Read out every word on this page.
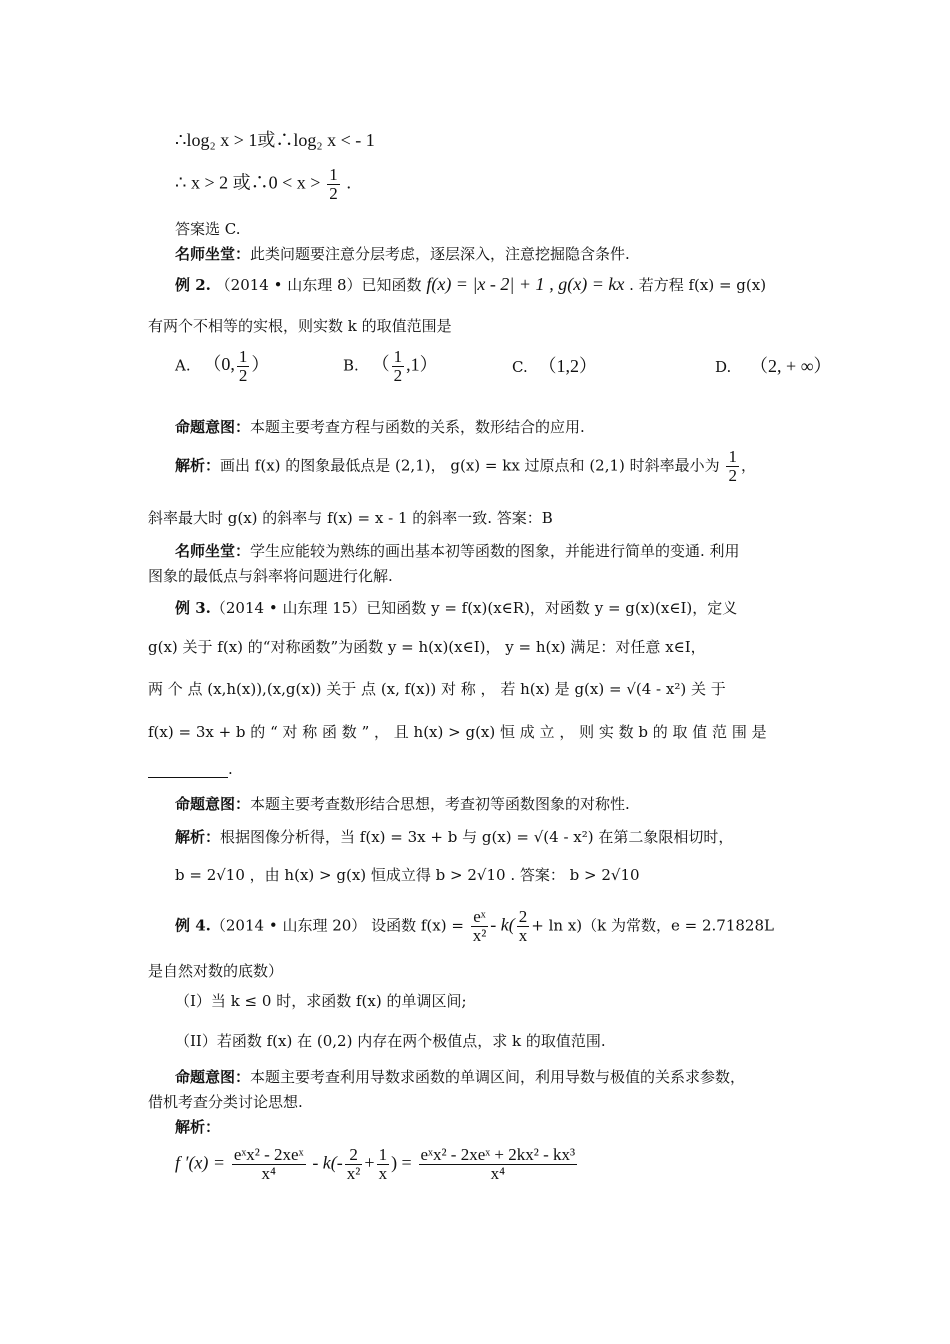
∴log₂ x > 1或∴log₂ x < - 1
∴ x > 2 或∴0 < $x > \frac{1}{2}$ .
答案选 C.
名师坐堂：此类问题要注意分层考虑，逐层深入，注意挖掘隐含条件.
例 2. （2014 • 山东理 8）已知函数 f(x) = |x - 2| + 1 , g(x) = kx . 若方程 f(x) = g(x)
有两个不相等的实根，则实数 k 的取值范围是
A. （0, $\frac{1}{2}$ ）	B. （ $\frac{1}{2} ,1$）	C. （1,2）	D. （2, + ∞）
命题意图：本题主要考查方程与函数的关系，数形结合的应用.
解析：画出 f(x) 的图象最低点是 (2,1)， g(x) = kx 过原点和 (2,1) 时斜率最小为 $\frac{1}{2}$ ，
斜率最大时 g(x) 的斜率与 f(x) = x - 1 的斜率一致. 答案：B
名师坐堂：学生应能较为熟练的画出基本初等函数的图象，并能进行简单的变通. 利用
图象的最低点与斜率将问题进行化解.
例 3.（2014 • 山东理 15）已知函数 y = f(x)(x∈R)，对函数 y = g(x)(x∈I)，定义
g(x) 关于 f(x) 的“对称函数”为函数 y = h(x)(x∈I)， y = h(x) 满足：对任意 x∈I，
两 个 点 (x,h(x)),(x,g(x)) 关于 点 (x, f(x)) 对 称 ， 若 h(x) 是 g(x) = √(4 - x²) 关 于
f(x) = 3x + b 的 “ 对 称 函 数 ” ， 且 h(x) > g(x) 恒 成 立 ， 则 实 数 b 的 取 值 范 围 是
.
命题意图：本题主要考查数形结合思想，考查初等函数图象的对称性.
解析：根据图像分析得，当 f(x) = 3x + b 与 g(x) = √(4 - x²) 在第二象限相切时，
b = 2√10 ，由 h(x) > g(x) 恒成立得 b > 2√10 . 答案： b > 2√10
例 4.（2014 • 山东理 20） 设函数 $f(x) = \frac{\text{eˣ}}{\text{x²}} - k( \frac{2}{x} + \ln x)(k$ 为常数，e = 2.71828L
是自然对数的底数）
（I）当 k ≤ 0 时，求函数 f(x) 的单调区间;
（II）若函数 f(x) 在 (0,2) 内存在两个极值点，求 k 的取值范围.
命题意图：本题主要考查利用导数求函数的单调区间，利用导数与极值的关系求参数，
借机考查分类讨论思想.
解析：
f $'(x) = \frac{\text{eˣx² - 2xeˣ}}{\text{x⁴}} - k(- \frac{2}{\text{x²}} + \frac{1}{x}$ ) = $\frac{\text{eˣx² - 2xeˣ + 2kx² - kx³}}{\text{x⁴}}$
